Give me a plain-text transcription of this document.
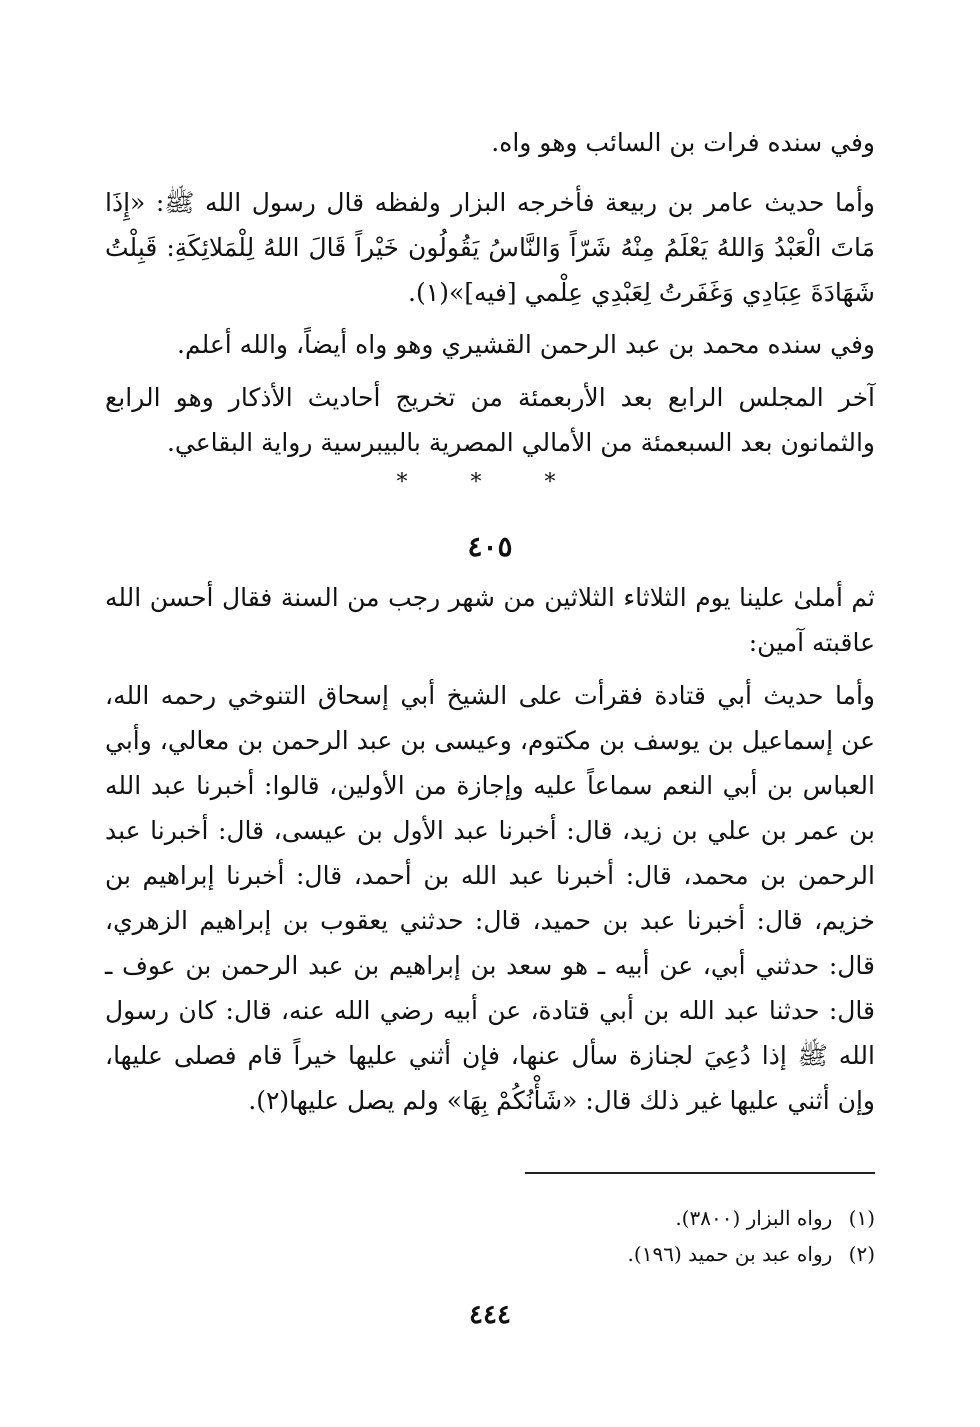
وفي سنده فرات بن السائب وهو واه.

وأما حديث عامر بن ربيعة فأخرجه البزار ولفظه قال رسول الله ﷺ: «إِذَا مَاتَ الْعَبْدُ وَاللهُ يَعْلَمُ مِنْهُ شَرّاً وَالنَّاسُ يَقُولُون خَيْراً قَالَ اللهُ لِلْمَلائِكَةِ: قَبِلْتُ شَهَادَةَ عِبَادِي وَغَفَرتُ لِعَبْدِي عِلْمي [فيه]»(١).

وفي سنده محمد بن عبد الرحمن القشيري وهو واه أيضاً، والله أعلم.

آخر المجلس الرابع بعد الأربعمئة من تخريج أحاديث الأذكار وهو الرابع والثمانون بعد السبعمئة من الأمالي المصرية بالبيبرسية رواية البقاعي.

* * *
٤٠٥

ثم أملىٰ علينا يوم الثلاثاء الثلاثين من شهر رجب من السنة فقال أحسن الله عاقبته آمين:

وأما حديث أبي قتادة فقرأت على الشيخ أبي إسحاق التنوخي رحمه الله، عن إسماعيل بن يوسف بن مكتوم، وعيسى بن عبد الرحمن بن معالي، وأبي العباس بن أبي النعم سماعاً عليه وإجازة من الأولين، قالوا: أخبرنا عبد الله بن عمر بن علي بن زيد، قال: أخبرنا عبد الأول بن عيسى، قال: أخبرنا عبد الرحمن بن محمد، قال: أخبرنا عبد الله بن أحمد، قال: أخبرنا إبراهيم بن خزيم، قال: أخبرنا عبد بن حميد، قال: حدثني يعقوب بن إبراهيم الزهري، قال: حدثني أبي، عن أبيه ـ هو سعد بن إبراهيم بن عبد الرحمن بن عوف ـ قال: حدثنا عبد الله بن أبي قتادة، عن أبيه رضي الله عنه، قال: كان رسول الله ﷺ إذا دُعِيَ لجنازة سأل عنها، فإن أثني عليها خيراً قام فصلى عليها، وإن أثني عليها غير ذلك قال: «شَأْنُكُمْ بِهَا» ولم يصل عليها(٢).

(١) رواه البزار (٣٨٠٠).
(٢) رواه عبد بن حميد (١٩٦).
٤٤٤
